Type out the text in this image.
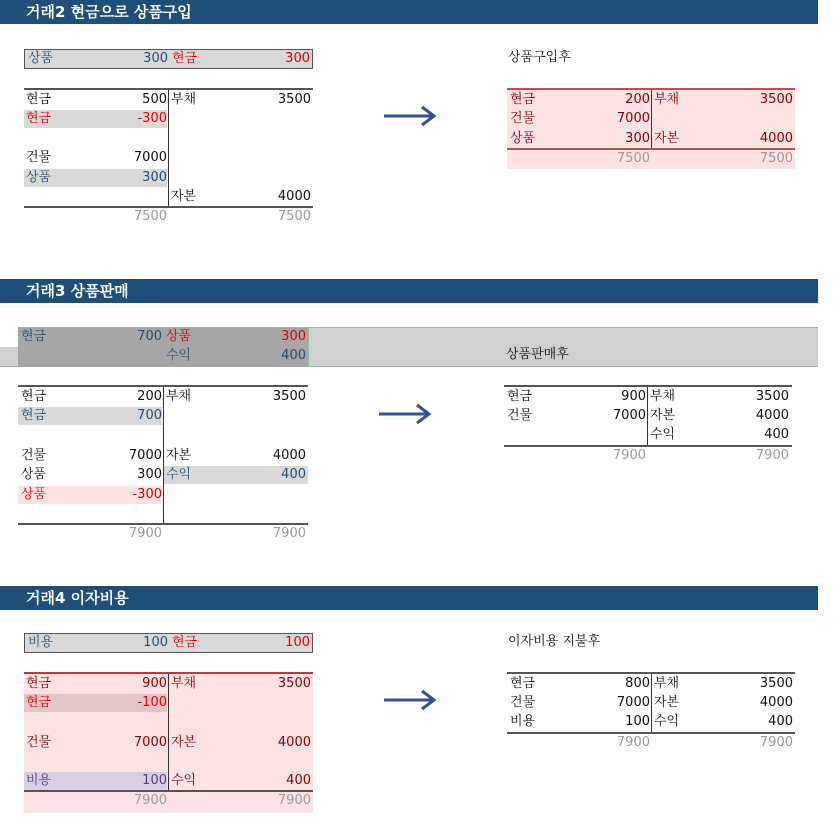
거래2 현금으로 상품구입
상품	300 현금	300
현금	500 부채	3500
현금	-300
건물	7000
상품	300
자본	4000
7500	7500
상품구입후
현금	200 부채	3500
건물	7000
상품	300 자본	4000
7500	7500
거래3 상품판매
현금	700 상품	300
수익	400	상품판매후
현금	200 부채	3500
현금	700
건물	7000 자본	4000
상품	300 수익	400
상품	-300
7900	7900
현금	900 부채	3500
건물	7000 자본	4000
수익	400
7900	7900
거래4 이자비용
비용	100 현금	100	이자비용 지불후
현금	900 부채	3500
현금	-100
건물	7000 자본	4000
비용	100 수익	400
7900	7900
현금	800 부채	3500
건물	7000 자본	4000
비용	100 수익	400
7900	7900
